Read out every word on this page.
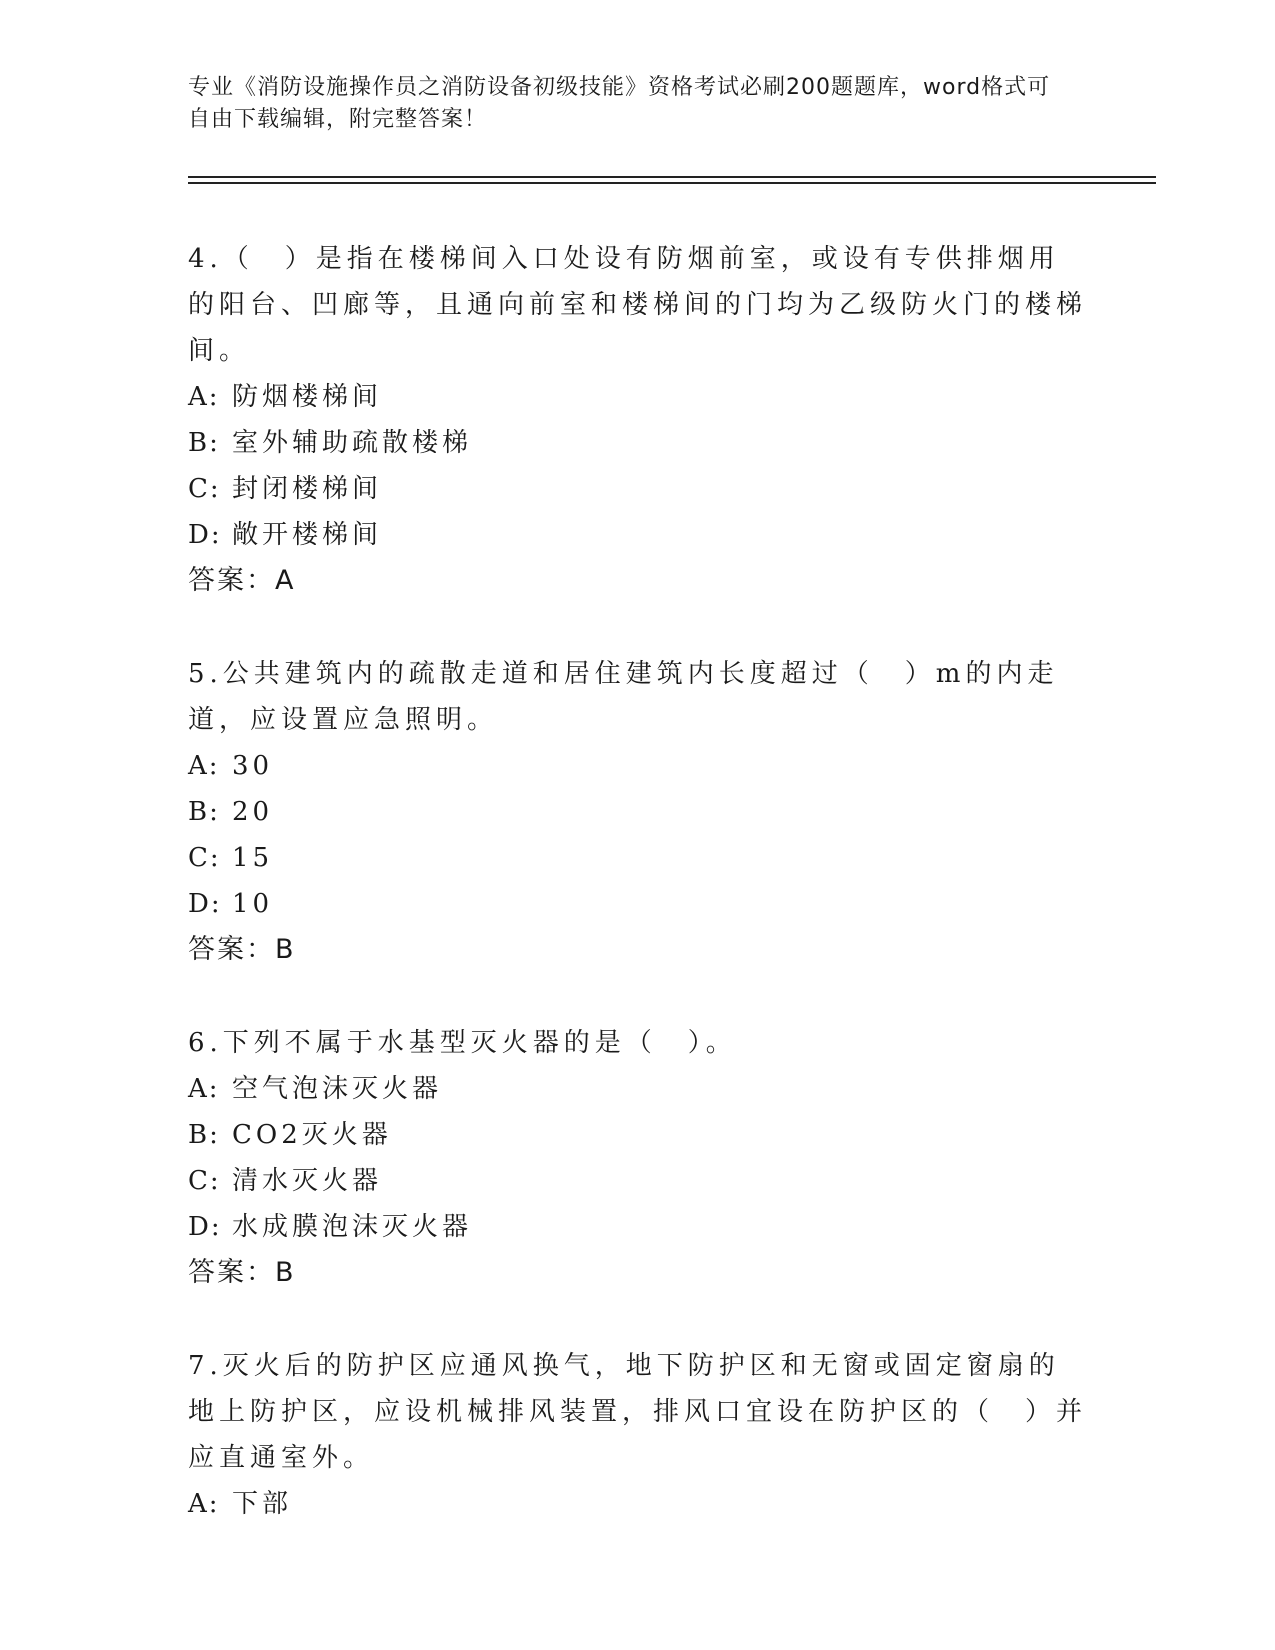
专业《消防设施操作员之消防设备初级技能》资格考试必刷200题题库，word格式可自由下载编辑，附完整答案！
4.（　）是指在楼梯间入口处设有防烟前室，或设有专供排烟用的阳台、凹廊等，且通向前室和楼梯间的门均为乙级防火门的楼梯间。
A: 防烟楼梯间
B: 室外辅助疏散楼梯
C: 封闭楼梯间
D: 敞开楼梯间
答案：A
5.公共建筑内的疏散走道和居住建筑内长度超过（　）m的内走道，应设置应急照明。
A: 30
B: 20
C: 15
D: 10
答案：B
6.下列不属于水基型灭火器的是（　）。
A: 空气泡沫灭火器
B: CO2灭火器
C: 清水灭火器
D: 水成膜泡沫灭火器
答案：B
7.灭火后的防护区应通风换气，地下防护区和无窗或固定窗扇的地上防护区，应设机械排风装置，排风口宜设在防护区的（　）并应直通室外。
A: 下部
